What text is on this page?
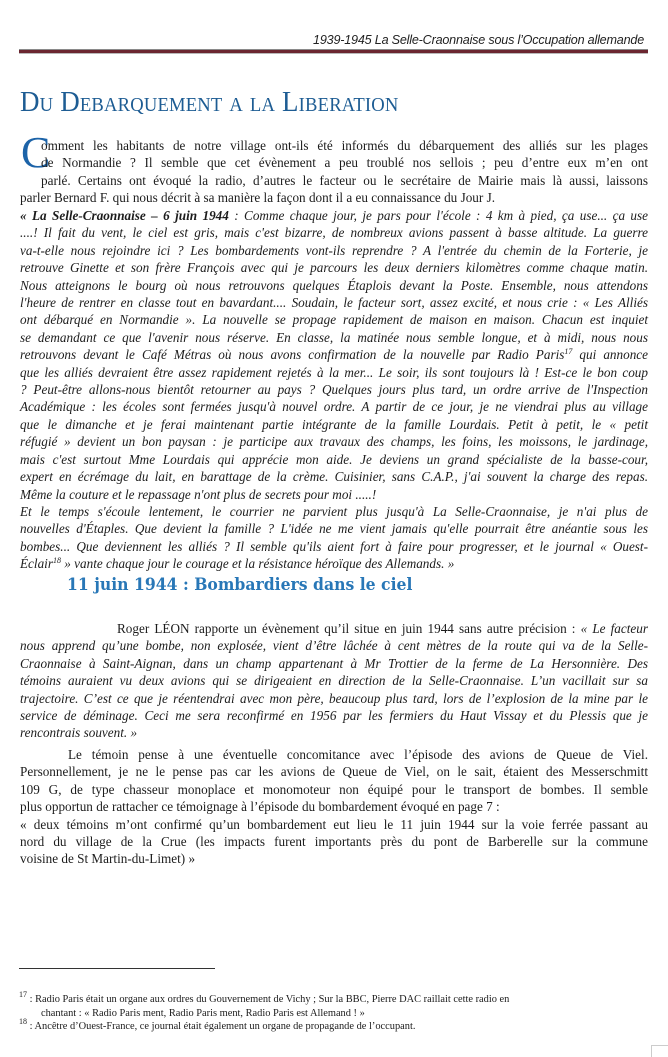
1939-1945 La Selle-Craonnaise sous l’Occupation allemande
Du Debarquement a la Liberation
C
omment les habitants de notre village ont-ils été informés du débarquement des alliés sur les plages
de Normandie ? Il semble que cet évènement a peu troublé nos sellois ; peu d’entre eux m’en ont
parlé. Certains ont évoqué la radio, d’autres le facteur ou le secrétaire de Mairie mais là aussi, laissons
parler Bernard F. qui nous décrit à sa manière la façon dont il a eu connaissance du Jour J.
« La Selle-Craonnaise – 6 juin 1944 : Comme chaque jour, je pars pour l'école : 4 km à pied, ça use... ça use
....! Il fait du vent, le ciel est gris, mais c'est bizarre, de nombreux avions passent à basse altitude. La guerre
va-t-elle nous rejoindre ici ? Les bombardements vont-ils reprendre ? A l'entrée du chemin de la Forterie, je
retrouve Ginette et son frère François avec qui je parcours les deux derniers kilomètres comme chaque matin.
Nous atteignons le bourg où nous retrouvons quelques Étaplois devant la Poste. Ensemble, nous attendons
l'heure de rentrer en classe tout en bavardant.... Soudain, le facteur sort, assez excité, et nous crie : « Les Alliés
ont débarqué en Normandie ». La nouvelle se propage rapidement de maison en maison. Chacun est inquiet
se demandant ce que l'avenir nous réserve. En classe, la matinée nous semble longue, et à midi, nous nous
retrouvons devant le Café Métras où nous avons confirmation de la nouvelle par Radio Paris$^{17}$ qui annonce
que les alliés devraient être assez rapidement rejetés à la mer... Le soir, ils sont toujours là ! Est-ce le bon coup
? Peut-être allons-nous bientôt retourner au pays ? Quelques jours plus tard, un ordre arrive de l'Inspection
Académique : les écoles sont fermées jusqu'à nouvel ordre. A partir de ce jour, je ne viendrai plus au village
que le dimanche et je ferai maintenant partie intégrante de la famille Lourdais. Petit à petit, le « petit
réfugié » devient un bon paysan : je participe aux travaux des champs, les foins, les moissons, le jardinage,
mais c'est surtout Mme Lourdais qui apprécie mon aide. Je deviens un grand spécialiste de la basse-cour,
expert en écrémage du lait, en barattage de la crème. Cuisinier, sans C.A.P., j'ai souvent la charge des repas.
Même la couture et le repassage n'ont plus de secrets pour moi .....!
Et le temps s'écoule lentement, le courrier ne parvient plus jusqu'à La Selle-Craonnaise, je n'ai plus de
nouvelles d'Étaples. Que devient la famille ? L'idée ne me vient jamais qu'elle pourrait être anéantie sous les
bombes... Que deviennent les alliés ? Il semble qu'ils aient fort à faire pour progresser, et le journal « Ouest-
Éclair$^{18}$ » vante chaque jour le courage et la résistance héroïque des Allemands. »
11 juin 1944 : Bombardiers dans le ciel
Roger LÉON rapporte un évènement qu’il situe en juin 1944 sans autre précision : « Le facteur
nous apprend qu’une bombe, non explosée, vient d’être lâchée à cent mètres de la route qui va de la Selle-
Craonnaise à Saint-Aignan, dans un champ appartenant à Mr Trottier de la ferme de La Hersonnière. Des
témoins auraient vu deux avions qui se dirigeaient en direction de la Selle-Craonnaise. L’un vacillait sur sa
trajectoire. C’est ce que je réentendrai avec mon père, beaucoup plus tard, lors de l’explosion de la mine par le
service de déminage. Ceci me sera reconfirmé en 1956 par les fermiers du Haut Vissay et du Plessis que je
rencontrais souvent. »
Le témoin pense à une éventuelle concomitance avec l’épisode des avions de Queue de Viel.
Personnellement, je ne le pense pas car les avions de Queue de Viel, on le sait, étaient des Messerschmitt
109 G, de type chasseur monoplace et monomoteur non équipé pour le transport de bombes. Il semble
plus opportun de rattacher ce témoignage à l’épisode du bombardement évoqué en page 7 :
« deux témoins m’ont confirmé qu’un bombardement eut lieu le 11 juin 1944 sur la voie ferrée passant au
nord du village de la Crue (les impacts furent importants près du pont de Barberelle sur la commune
voisine de St Martin-du-Limet) »
$^{17}$ : Radio Paris était un organe aux ordres du Gouvernement de Vichy ; Sur la BBC, Pierre DAC raillait cette radio en
chantant : « Radio Paris ment, Radio Paris ment, Radio Paris est Allemand ! »
$^{18}$ : Ancêtre d’Ouest-France, ce journal était également un organe de propagande de l’occupant.
